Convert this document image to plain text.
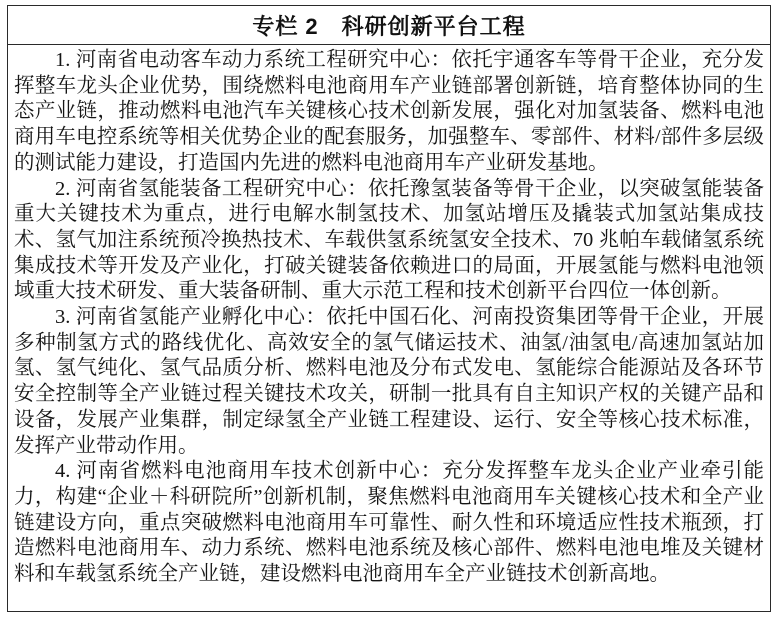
专栏 2　科研创新平台工程

1. 河南省电动客车动力系统工程研究中心：依托宇通客车等骨干企业，充分发挥整车龙头企业优势，围绕燃料电池商用车产业链部署创新链，培育整体协同的生态产业链，推动燃料电池汽车关键核心技术创新发展，强化对加氢装备、燃料电池商用车电控系统等相关优势企业的配套服务，加强整车、零部件、材料/部件多层级的测试能力建设，打造国内先进的燃料电池商用车产业研发基地。

2. 河南省氢能装备工程研究中心：依托豫氢装备等骨干企业，以突破氢能装备重大关键技术为重点，进行电解水制氢技术、加氢站增压及撬装式加氢站集成技术、氢气加注系统预冷换热技术、车载供氢系统氢安全技术、70 兆帕车载储氢系统集成技术等开发及产业化，打破关键装备依赖进口的局面，开展氢能与燃料电池领域重大技术研发、重大装备研制、重大示范工程和技术创新平台四位一体创新。

3. 河南省氢能产业孵化中心：依托中国石化、河南投资集团等骨干企业，开展多种制氢方式的路线优化、高效安全的氢气储运技术、油氢/油氢电/高速加氢站加氢、氢气纯化、氢气品质分析、燃料电池及分布式发电、氢能综合能源站及各环节安全控制等全产业链过程关键技术攻关，研制一批具有自主知识产权的关键产品和设备，发展产业集群，制定绿氢全产业链工程建设、运行、安全等核心技术标准，发挥产业带动作用。

4. 河南省燃料电池商用车技术创新中心：充分发挥整车龙头企业产业牵引能力，构建“企业＋科研院所”创新机制，聚焦燃料电池商用车关键核心技术和全产业链建设方向，重点突破燃料电池商用车可靠性、耐久性和环境适应性技术瓶颈，打造燃料电池商用车、动力系统、燃料电池系统及核心部件、燃料电池电堆及关键材料和车载氢系统全产业链，建设燃料电池商用车全产业链技术创新高地。
